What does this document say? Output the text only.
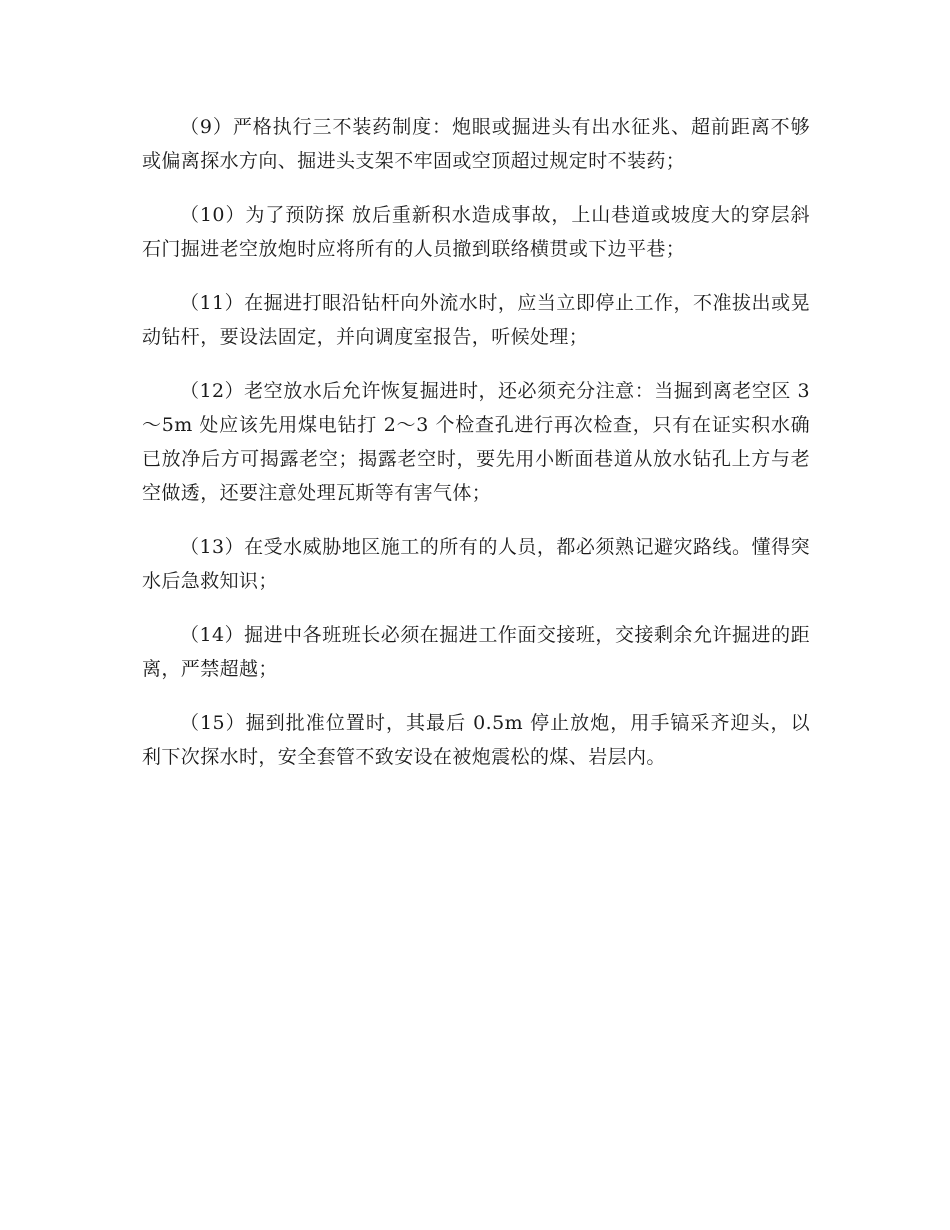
（9）严格执行三不装药制度：炮眼或掘进头有出水征兆、超前距离不够或偏离探水方向、掘进头支架不牢固或空顶超过规定时不装药；

（10）为了预防探 放后重新积水造成事故，上山巷道或坡度大的穿层斜石门掘进老空放炮时应将所有的人员撤到联络横贯或下边平巷；

（11）在掘进打眼沿钻杆向外流水时，应当立即停止工作，不准拔出或晃动钻杆，要设法固定，并向调度室报告，听候处理；

（12）老空放水后允许恢复掘进时，还必须充分注意：当掘到离老空区 3～5m 处应该先用煤电钻打 2～3 个检查孔进行再次检查，只有在证实积水确已放净后方可揭露老空；揭露老空时，要先用小断面巷道从放水钻孔上方与老空做透，还要注意处理瓦斯等有害气体；

（13）在受水威胁地区施工的所有的人员，都必须熟记避灾路线。懂得突水后急救知识；

（14）掘进中各班班长必须在掘进工作面交接班，交接剩余允许掘进的距离，严禁超越；

（15）掘到批准位置时，其最后 0.5m 停止放炮，用手镐采齐迎头，以利下次探水时，安全套管不致安设在被炮震松的煤、岩层内。
